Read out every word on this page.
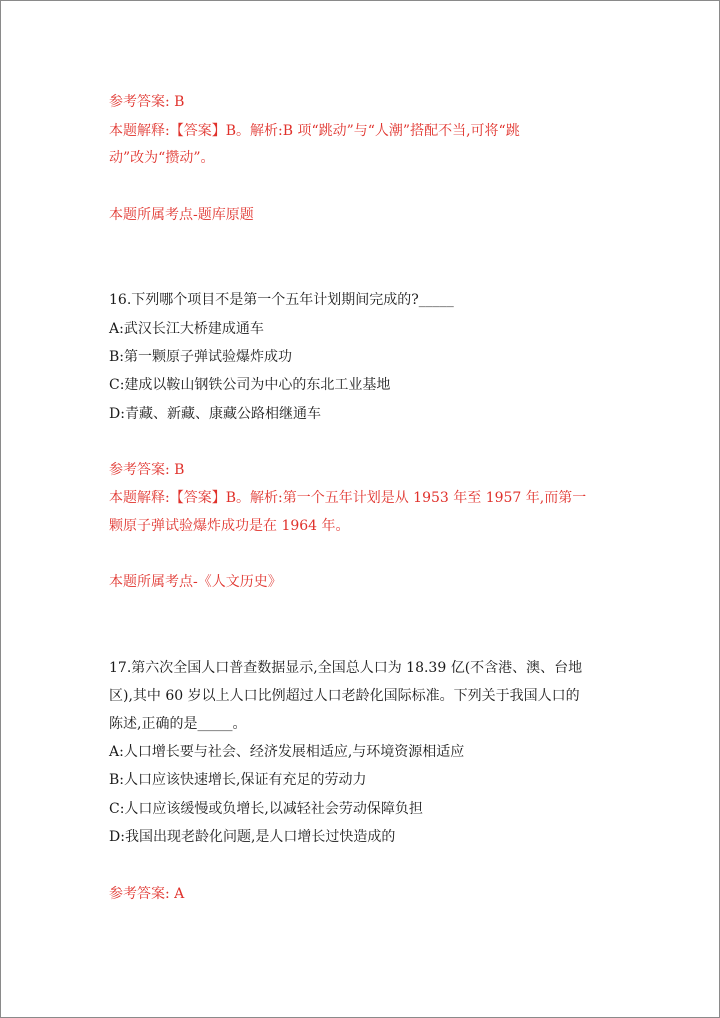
参考答案: B
本题解释:【答案】B。解析:B 项“跳动”与“人潮”搭配不当,可将“跳
动”改为“攒动”。
本题所属考点-题库原题
16.下列哪个项目不是第一个五年计划期间完成的?_____
A:武汉长江大桥建成通车
B:第一颗原子弹试验爆炸成功
C:建成以鞍山钢铁公司为中心的东北工业基地
D:青藏、新藏、康藏公路相继通车
参考答案: B
本题解释:【答案】B。解析:第一个五年计划是从 1953 年至 1957 年,而第一
颗原子弹试验爆炸成功是在 1964 年。
本题所属考点-《人文历史》
17.第六次全国人口普查数据显示,全国总人口为 18.39 亿(不含港、澳、台地
区),其中 60 岁以上人口比例超过人口老龄化国际标准。下列关于我国人口的
陈述,正确的是_____。
A:人口增长要与社会、经济发展相适应,与环境资源相适应
B:人口应该快速增长,保证有充足的劳动力
C:人口应该缓慢或负增长,以减轻社会劳动保障负担
D:我国出现老龄化问题,是人口增长过快造成的
参考答案: A
